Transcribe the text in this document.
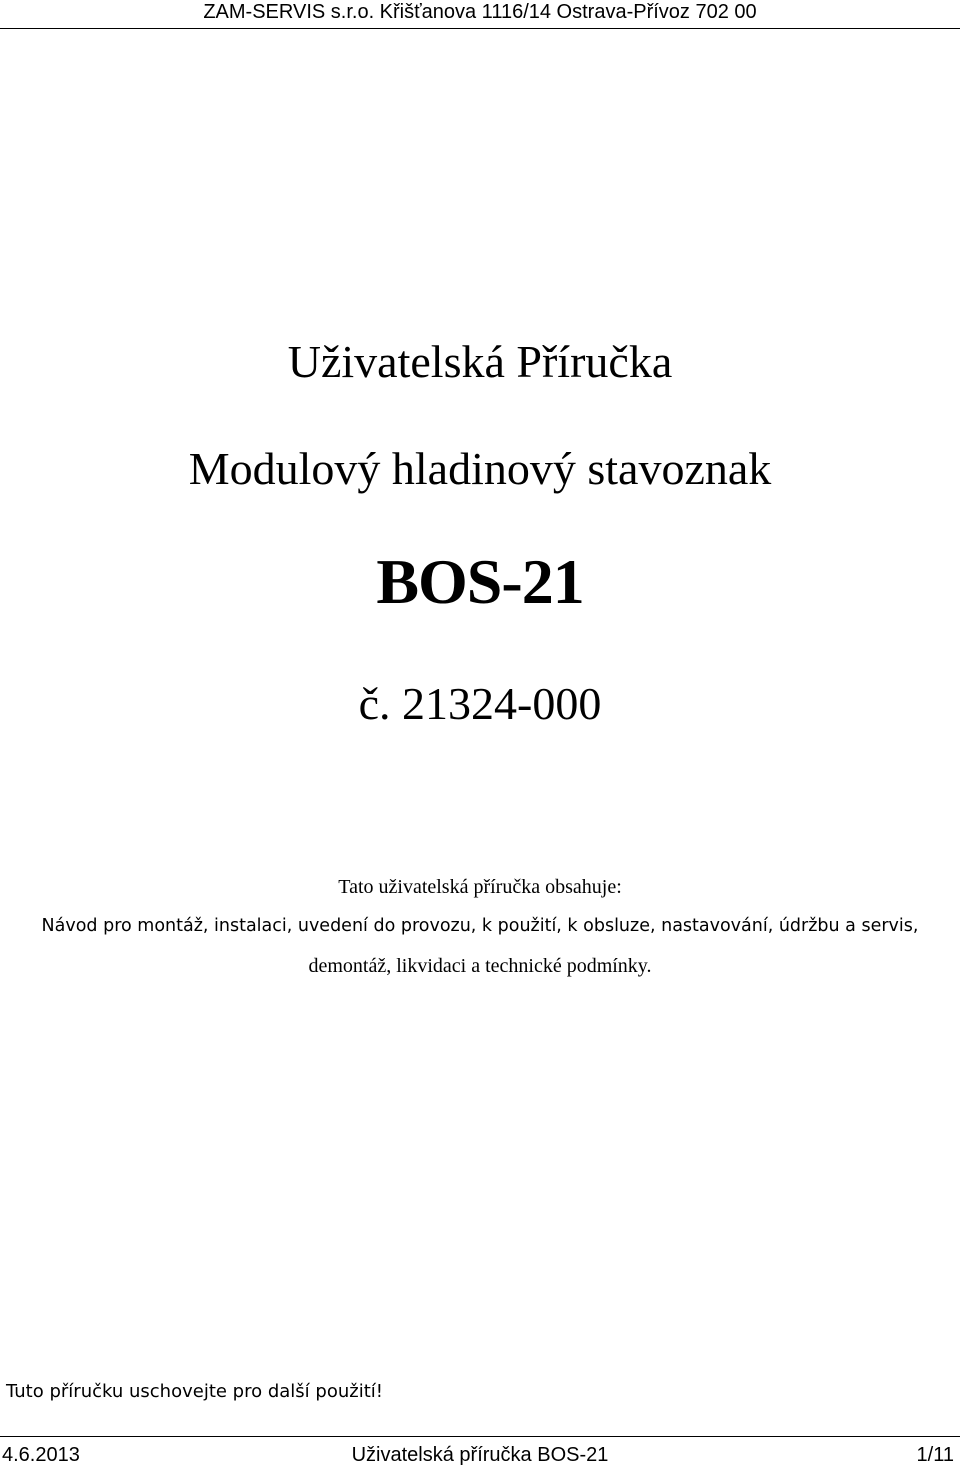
ZAM-SERVIS s.r.o. Křišťanova 1116/14 Ostrava-Přívoz 702 00
Uživatelská Příručka
Modulový hladinový stavoznak
BOS-21
č. 21324-000
Tato uživatelská příručka obsahuje:
Návod pro montáž, instalaci, uvedení do provozu, k použití, k obsluze, nastavování, údržbu a servis,
demontáž, likvidaci a technické podmínky.
Tuto příručku uschovejte pro další použití!
4.6.2013	Uživatelská příručka BOS-21	1/11
